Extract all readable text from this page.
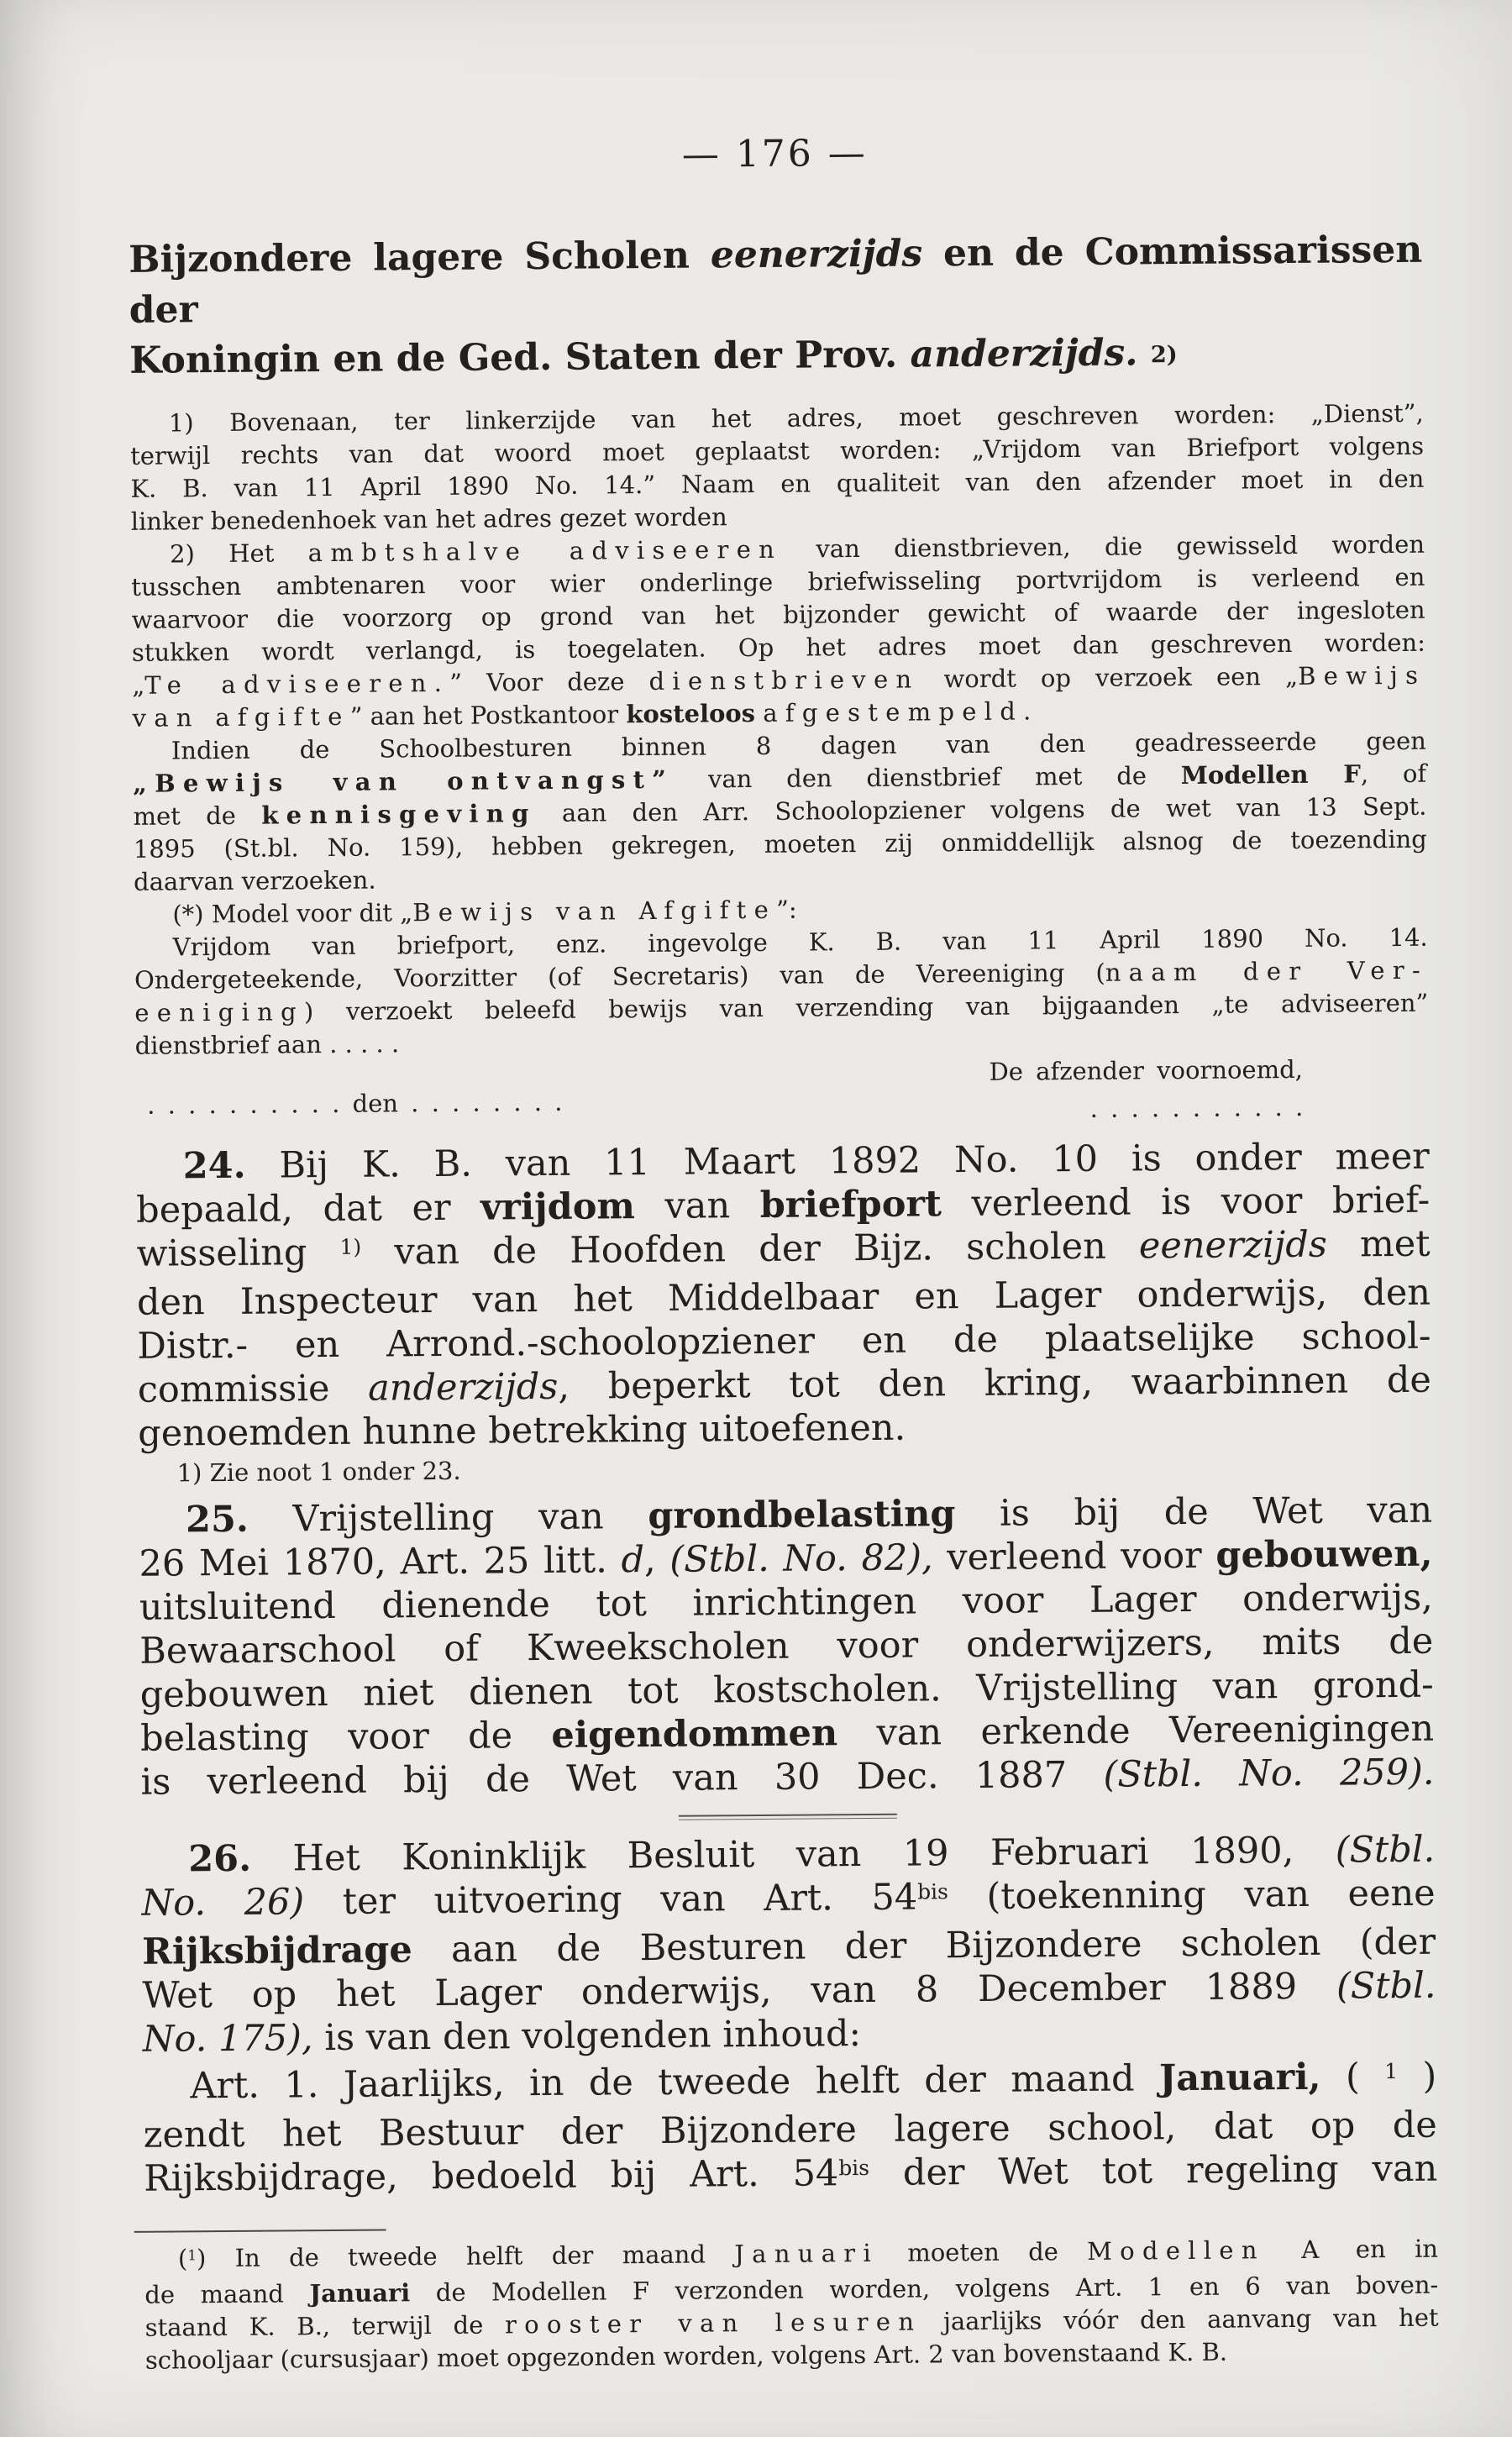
— 176 —
Bijzondere lagere Scholen eenerzijds en de Commissarissen der
Koningin en de Ged. Staten der Prov. anderzijds. 2)
1) Bovenaan, ter linkerzijde van het adres, moet geschreven worden: „Dienst”,
terwijl rechts van dat woord moet geplaatst worden: „Vrijdom van Briefport volgens
K. B. van 11 April 1890 No. 14.” Naam en qualiteit van den afzender moet in den
linker benedenhoek van het adres gezet worden
2) Het ambtshalve adviseeren van dienstbrieven, die gewisseld worden
tusschen ambtenaren voor wier onderlinge briefwisseling portvrijdom is verleend en
waarvoor die voorzorg op grond van het bijzonder gewicht of waarde der ingesloten
stukken wordt verlangd, is toegelaten. Op het adres moet dan geschreven worden:
„Te adviseeren.” Voor deze dienstbrieven wordt op verzoek een „Bewijs
van afgifte” aan het Postkantoor kosteloos afgestempeld.
Indien de Schoolbesturen binnen 8 dagen van den geadresseerde geen
„Bewijs van ontvangst” van den dienstbrief met de Modellen F, of
met de kennisgeving aan den Arr. Schoolopziener volgens de wet van 13 Sept.
1895 (St.bl. No. 159), hebben gekregen, moeten zij onmiddellijk alsnog de toezending
daarvan verzoeken.
(*) Model voor dit „Bewijs van Afgifte”:
Vrijdom van briefport, enz. ingevolge K. B. van 11 April 1890 No. 14.
Ondergeteekende, Voorzitter (of Secretaris) van de Vereeniging (naam der Ver-
eeniging) verzoekt beleefd bewijs van verzending van bijgaanden „te adviseeren”
dienstbrief aan . . . . .
. . . . . . . . . . den . . . . . . . .
De afzender voornoemd,
. . . . . . . . . . .
24. Bij K. B. van 11 Maart 1892 No. 10 is onder meer
bepaald, dat er vrijdom van briefport verleend is voor brief-
wisseling $^{1)}$ van de Hoofden der Bijz. scholen eenerzijds met
den Inspecteur van het Middelbaar en Lager onderwijs, den
Distr.- en Arrond.-schoolopziener en de plaatselijke school-
commissie anderzijds, beperkt tot den kring, waarbinnen de
genoemden hunne betrekking uitoefenen.
1) Zie noot 1 onder 23.
25. Vrijstelling van grondbelasting is bij de Wet van
26 Mei 1870, Art. 25 litt. d, (Stbl. No. 82), verleend voor gebouwen,
uitsluitend dienende tot inrichtingen voor Lager onderwijs,
Bewaarschool of Kweekscholen voor onderwijzers, mits de
gebouwen niet dienen tot kostscholen. Vrijstelling van grond-
belasting voor de eigendommen van erkende Vereenigingen
is verleend bij de Wet van 30 Dec. 1887 (Stbl. No. 259).
26. Het Koninklijk Besluit van 19 Februari 1890, (Stbl.
No. 26) ter uitvoering van Art. $54^{bis}$ (toekenning van eene
Rijksbijdrage aan de Besturen der Bijzondere scholen (der
Wet op het Lager onderwijs, van 8 December 1889 (Stbl.
No. 175), is van den volgenden inhoud:
Art. 1. Jaarlijks, in de tweede helft der maand Januari, ( $^1$ )
zendt het Bestuur der Bijzondere lagere school, dat op de
Rijksbijdrage, bedoeld bij Art. $54^{bis}$ der Wet tot regeling van
($^1$) In de tweede helft der maand Januari moeten de Modellen A en in
de maand Januari de Modellen F verzonden worden, volgens Art. 1 en 6 van boven-
staand K. B., terwijl de rooster van lesuren jaarlijks vóór den aanvang van het
schooljaar (cursusjaar) moet opgezonden worden, volgens Art. 2 van bovenstaand K. B.
